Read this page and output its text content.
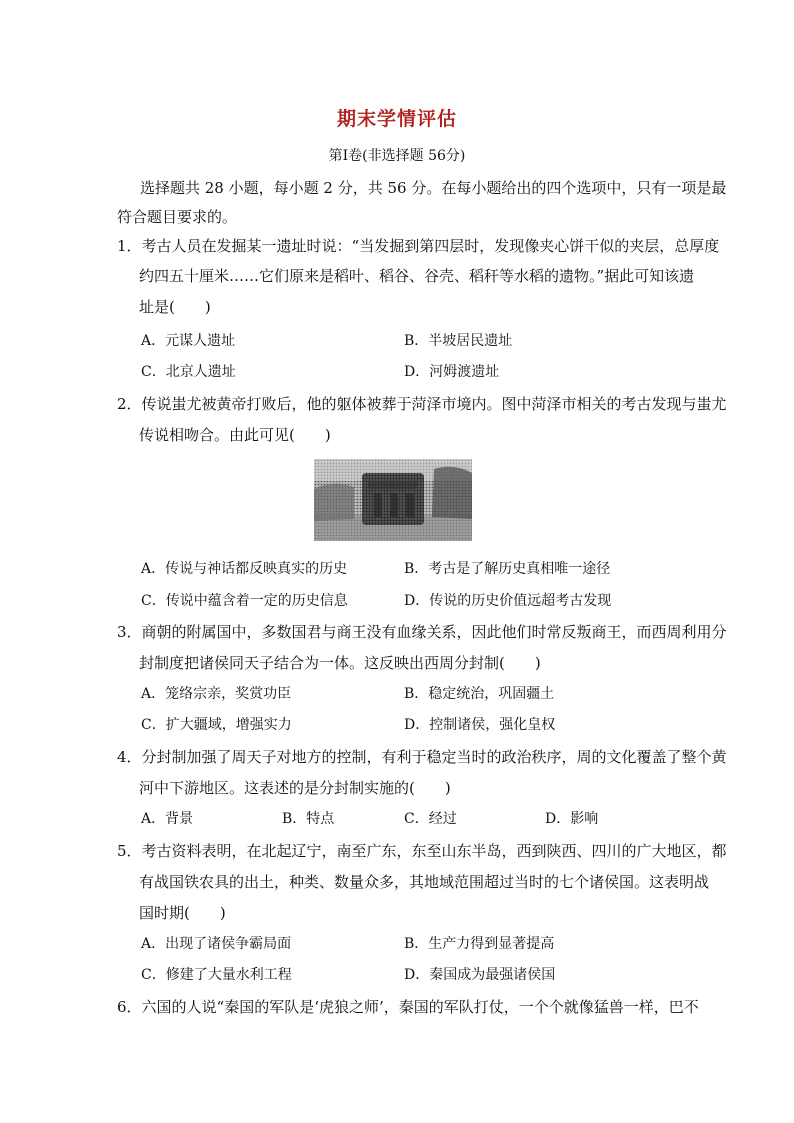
期末学情评估
第Ⅰ卷(非选择题 56分)
选择题共 28 小题，每小题 2 分，共 56 分。在每小题给出的四个选项中，只有一项是最
符合题目要求的。
1．考古人员在发掘某一遗址时说：“当发掘到第四层时，发现像夹心饼干似的夹层，总厚度
约四五十厘米……它们原来是稻叶、稻谷、谷壳、稻秆等水稻的遗物。”据此可知该遗
址是(　　)
A．元谋人遗址	B．半坡居民遗址
C．北京人遗址	D．河姆渡遗址
2．传说蚩尤被黄帝打败后，他的躯体被葬于菏泽市境内。图中菏泽市相关的考古发现与蚩尤
传说相吻合。由此可见(　　)
A．传说与神话都反映真实的历史	B．考古是了解历史真相唯一途径
C．传说中蕴含着一定的历史信息	D．传说的历史价值远超考古发现
3．商朝的附属国中，多数国君与商王没有血缘关系，因此他们时常反叛商王，而西周利用分
封制度把诸侯同天子结合为一体。这反映出西周分封制(　　)
A．笼络宗亲，奖赏功臣	B．稳定统治，巩固疆土
C．扩大疆域，增强实力	D．控制诸侯，强化皇权
4．分封制加强了周天子对地方的控制，有利于稳定当时的政治秩序，周的文化覆盖了整个黄
河中下游地区。这表述的是分封制实施的(　　)
A．背景	B．特点	C．经过	D．影响
5．考古资料表明，在北起辽宁，南至广东，东至山东半岛，西到陕西、四川的广大地区，都
有战国铁农具的出土，种类、数量众多，其地域范围超过当时的七个诸侯国。这表明战
国时期(　　)
A．出现了诸侯争霸局面	B．生产力得到显著提高
C．修建了大量水利工程	D．秦国成为最强诸侯国
6．六国的人说“秦国的军队是‘虎狼之师’，秦国的军队打仗，一个个就像猛兽一样，巴不
